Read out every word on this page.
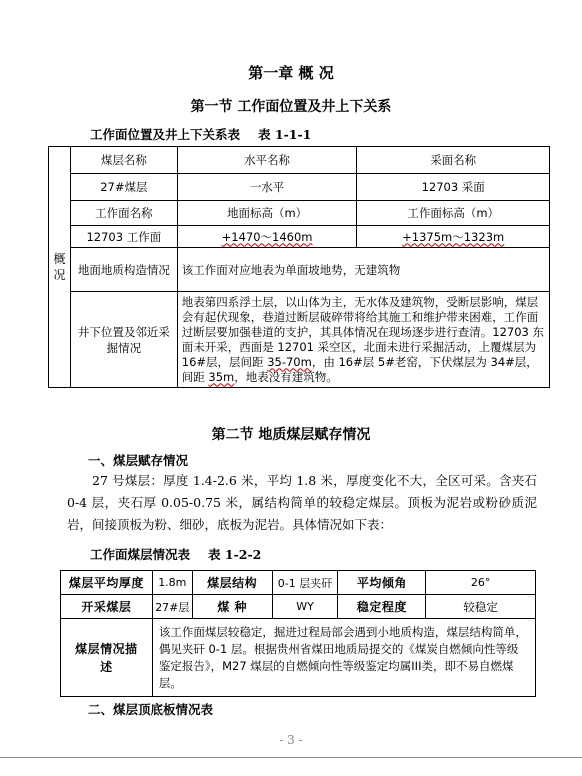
第一章 概 况
第一节 工作面位置及井上下关系
工作面位置及井上下关系表 表 1-1-1
概况	煤层名称	水平名称	采面名称
	27#煤层	一水平	12703 采面
	工作面名称	地面标高（m）	工作面标高（m）
	12703 工作面	+1470～1460m	+1375m～1323m
	地面地质构造情况	该工作面对应地表为单面坡地势，无建筑物	
	井下位置及邻近采掘情况	地表第四系浮土层，以山体为主，无水体及建筑物，受断层影响，煤层会有起伏现象，巷道过断层破碎带将给其施工和维护带来困难，工作面过断层要加强巷道的支护，其具体情况在现场逐步进行查清。12703 东面未开采，西面是 12701 采空区，北面未进行采掘活动，上覆煤层为 16#层，层间距 35-70m，由 16#层 5#老窑，下伏煤层为 34#层，间距 35m，地表没有建筑物。	
第二节 地质煤层赋存情况
一、煤层赋存情况
27 号煤层：厚度 1.4-2.6 米，平均 1.8 米，厚度变化不大，全区可采。含夹石 0-4 层，夹石厚 0.05-0.75 米，属结构简单的较稳定煤层。顶板为泥岩或粉砂质泥岩，间接顶板为粉、细砂，底板为泥岩。具体情况如下表：
工作面煤层情况表 表 1-2-2
煤层平均厚度	1.8m	煤层结构	0-1 层夹矸	平均倾角	26°
开采煤层	27#层	煤 种	WY	稳定程度	较稳定
煤层情况描述	该工作面煤层较稳定，掘进过程局部会遇到小地质构造，煤层结构简单，偶见夹矸 0-1 层。根据贵州省煤田地质局提交的《煤炭自燃倾向性等级鉴定报告》，M27 煤层的自燃倾向性等级鉴定均属III类，即不易自燃煤层。				
二、煤层顶底板情况表
- 3 -
